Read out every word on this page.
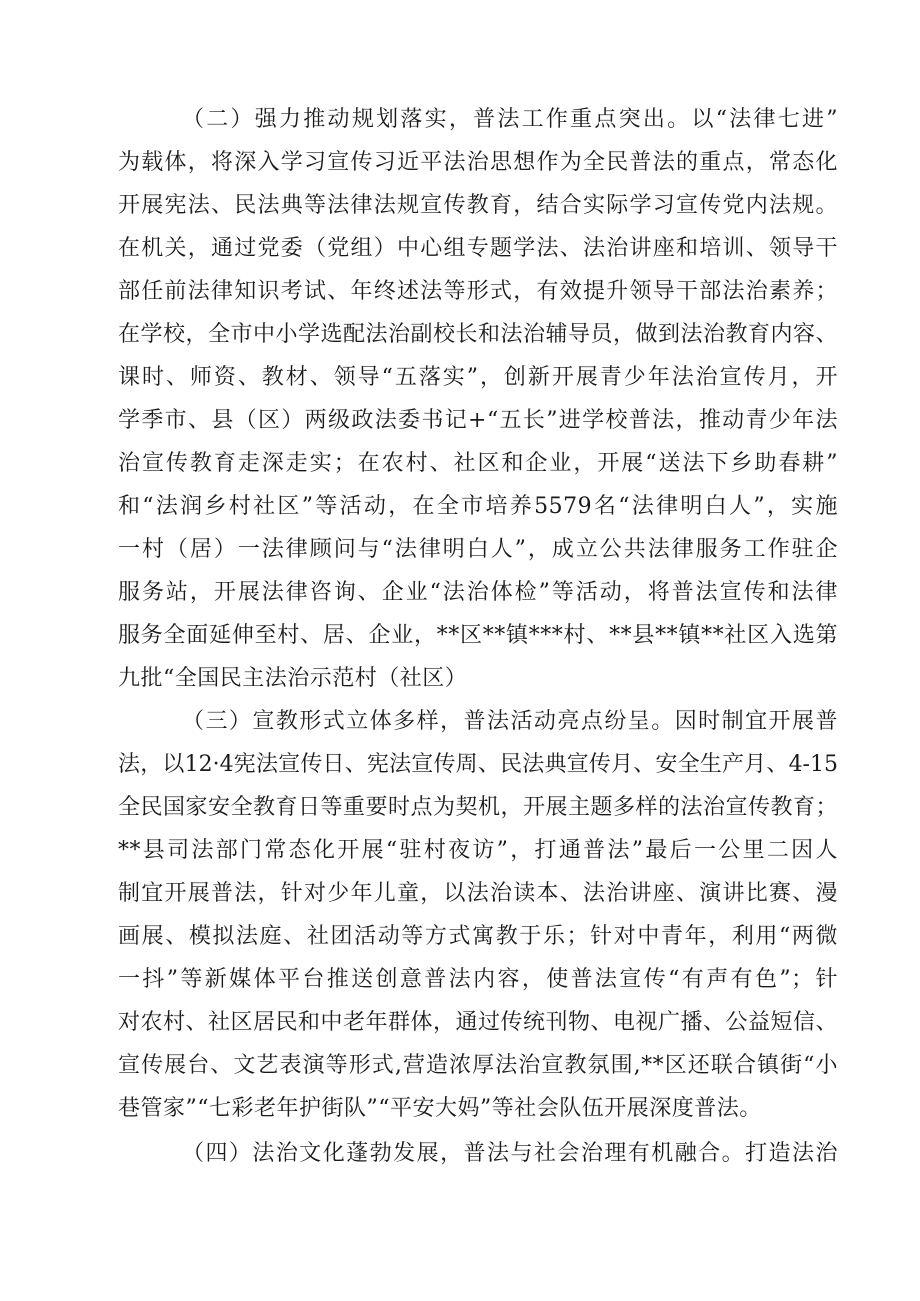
（二）强力推动规划落实，普法工作重点突出。以“法律七进”
为载体，将深入学习宣传习近平法治思想作为全民普法的重点，常态化
开展宪法、民法典等法律法规宣传教育，结合实际学习宣传党内法规。
在机关，通过党委（党组）中心组专题学法、法治讲座和培训、领导干
部任前法律知识考试、年终述法等形式，有效提升领导干部法治素养；
在学校，全市中小学选配法治副校长和法治辅导员，做到法治教育内容、
课时、师资、教材、领导“五落实”，创新开展青少年法治宣传月，开
学季市、县（区）两级政法委书记+“五长”进学校普法，推动青少年法
治宣传教育走深走实；在农村、社区和企业，开展“送法下乡助春耕”
和“法润乡村社区”等活动，在全市培养5579名“法律明白人”，实施
一村（居）一法律顾问与“法律明白人”，成立公共法律服务工作驻企
服务站，开展法律咨询、企业“法治体检”等活动，将普法宣传和法律
服务全面延伸至村、居、企业，**区**镇***村、**县**镇**社区入选第
九批“全国民主法治示范村（社区）
（三）宣教形式立体多样，普法活动亮点纷呈。因时制宜开展普
法，以12·4宪法宣传日、宪法宣传周、民法典宣传月、安全生产月、4-15
全民国家安全教育日等重要时点为契机，开展主题多样的法治宣传教育；
**县司法部门常态化开展“驻村夜访”，打通普法”最后一公里二因人
制宜开展普法，针对少年儿童，以法治读本、法治讲座、演讲比赛、漫
画展、模拟法庭、社团活动等方式寓教于乐；针对中青年，利用“两微
一抖”等新媒体平台推送创意普法内容，使普法宣传“有声有色”；针
对农村、社区居民和中老年群体，通过传统刊物、电视广播、公益短信、
宣传展台、文艺表演等形式,营造浓厚法治宣教氛围,**区还联合镇街“小
巷管家”“七彩老年护街队”“平安大妈”等社会队伍开展深度普法。
（四）法治文化蓬勃发展，普法与社会治理有机融合。打造法治
